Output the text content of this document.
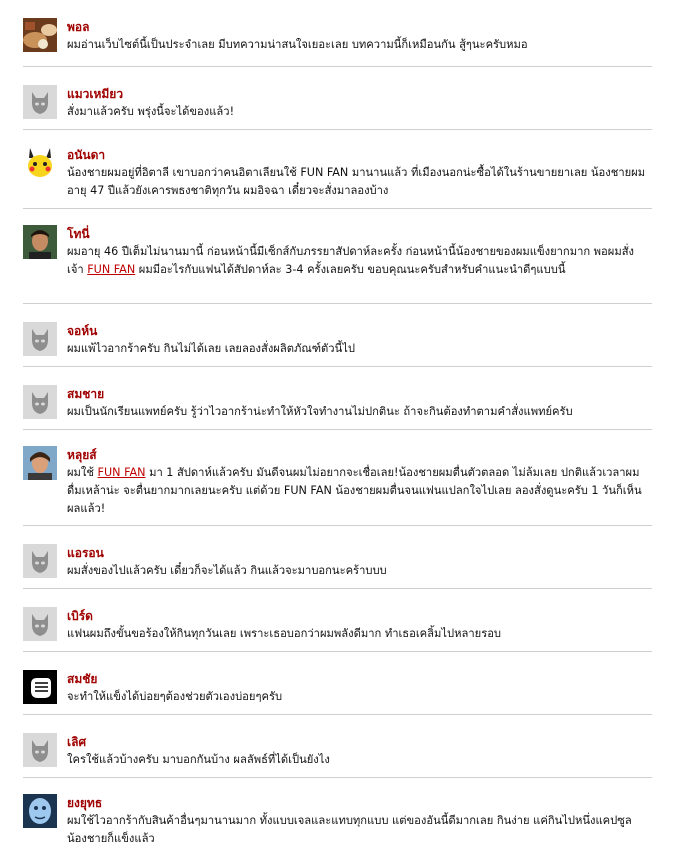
พอล
ผมอ่านเว็บไซต์นี้เป็นประจำเลย มีบทความน่าสนใจเยอะเลย บทความนี้ก็เหมือนกัน สู้ๆนะครับหมอ
แมวเหมียว
สั่งมาแล้วครับ พรุ่งนี้จะได้ของแล้ว!
อนันดา
น้องชายผมอยู่ที่อิตาลี เขาบอกว่าคนอิตาเลียนใช้ FUN FAN มานานแล้ว ที่เมืองนอกน่ะซื้อได้ในร้านขายยาเลย น้องชายผมอายุ 47 ปีแล้วยังเคารพธงชาติทุกวัน ผมอิจฉา เดี๋ยวจะสั่งมาลองบ้าง
โทนี่
ผมอายุ 46 ปีเต็มไม่นานมานี้ ก่อนหน้านี้มีเซ็กส์กับภรรยาสัปดาห์ละครั้ง ก่อนหน้านี้น้องชายของผมแข็งยากมาก พอผมสั่งเจ้า FUN FAN ผมมีอะไรกับแฟนได้สัปดาห์ละ 3-4 ครั้งเลยครับ ขอบคุณนะครับสำหรับคำแนะนำดีๆแบบนี้
จอห์น
ผมแพ้ไวอากร้าครับ กินไม่ได้เลย เลยลองสั่งผลิตภัณฑ์ตัวนี้ไป
สมชาย
ผมเป็นนักเรียนแพทย์ครับ รู้ว่าไวอากร้าน่ะทำให้หัวใจทำงานไม่ปกตินะ ถ้าจะกินต้องทำตามคำสั่งแพทย์ครับ
หลุยส์
ผมใช้ FUN FAN มา 1 สัปดาห์แล้วครับ มันดีจนผมไม่อยากจะเชื่อเลย!น้องชายผมตื่นตัวตลอด ไม่ล้มเลย ปกติแล้วเวลาผมดื่มเหล้าน่ะ จะตื่นยากมากเลยนะครับ แต่ด้วย FUN FAN น้องชายผมตื่นจนแฟนแปลกใจไปเลย ลองสั่งดูนะครับ 1 วันก็เห็นผลแล้ว!
แอรอน
ผมสั่งของไปแล้วครับ เดี๋ยวก็จะได้แล้ว กินแล้วจะมาบอกนะคร้าบบบ
เบิร์ด
แฟนผมถึงขั้นขอร้องให้กินทุกวันเลย เพราะเธอบอกว่าผมพลังดีมาก ทำเธอเคลิ้มไปหลายรอบ
สมชัย
จะทำให้แข็งได้บ่อยๆต้องช่วยตัวเองบ่อยๆครับ
เลิศ
ใครใช้แล้วบ้างครับ มาบอกกันบ้าง ผลลัพธ์ที่ได้เป็นยังไง
ยงยุทธ
ผมใช้ไวอากร้ากับสินค้าอื่นๆมานานมาก ทั้งแบบเจลและแทบทุกแบบ แต่ของอันนี้ดีมากเลย กินง่าย แค่กินไปหนึ่งแคปซูล น้องชายก็แข็งแล้ว
